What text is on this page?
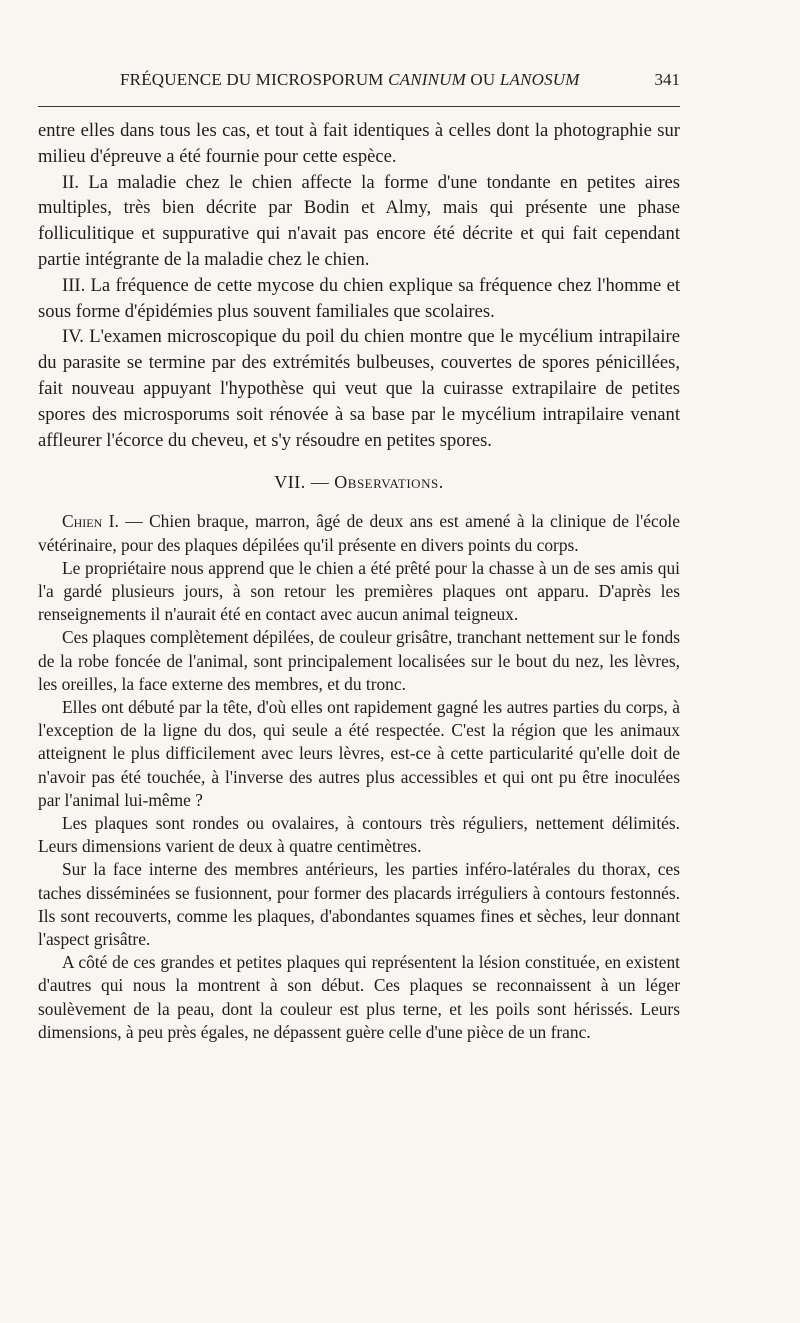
FRÉQUENCE DU MICROSPORUM CANINUM OU LANOSUM	341

entre elles dans tous les cas, et tout à fait identiques à celles dont la photographie sur milieu d'épreuve a été fournie pour cette espèce.

II. La maladie chez le chien affecte la forme d'une tondante en petites aires multiples, très bien décrite par Bodin et Almy, mais qui présente une phase folliculitique et suppurative qui n'avait pas encore été décrite et qui fait cependant partie intégrante de la maladie chez le chien.

III. La fréquence de cette mycose du chien explique sa fréquence chez l'homme et sous forme d'épidémies plus souvent familiales que scolaires.

IV. L'examen microscopique du poil du chien montre que le mycélium intrapilaire du parasite se termine par des extrémités bulbeuses, couvertes de spores pénicillées, fait nouveau appuyant l'hypothèse qui veut que la cuirasse extrapilaire de petites spores des microsporums soit rénovée à sa base par le mycélium intrapilaire venant affleurer l'écorce du cheveu, et s'y résoudre en petites spores.

VII. — Observations.

Chien I. — Chien braque, marron, âgé de deux ans est amené à la clinique de l'école vétérinaire, pour des plaques dépilées qu'il présente en divers points du corps.

Le propriétaire nous apprend que le chien a été prêté pour la chasse à un de ses amis qui l'a gardé plusieurs jours, à son retour les premières plaques ont apparu. D'après les renseignements il n'aurait été en contact avec aucun animal teigneux.

Ces plaques complètement dépilées, de couleur grisâtre, tranchant nettement sur le fonds de la robe foncée de l'animal, sont principalement localisées sur le bout du nez, les lèvres, les oreilles, la face externe des membres, et du tronc.

Elles ont débuté par la tête, d'où elles ont rapidement gagné les autres parties du corps, à l'exception de la ligne du dos, qui seule a été respectée. C'est la région que les animaux atteignent le plus difficilement avec leurs lèvres, est-ce à cette particularité qu'elle doit de n'avoir pas été touchée, à l'inverse des autres plus accessibles et qui ont pu être inoculées par l'animal lui-même ?

Les plaques sont rondes ou ovalaires, à contours très réguliers, nettement délimités. Leurs dimensions varient de deux à quatre centimètres.

Sur la face interne des membres antérieurs, les parties inféro-latérales du thorax, ces taches disséminées se fusionnent, pour former des placards irréguliers à contours festonnés. Ils sont recouverts, comme les plaques, d'abondantes squames fines et sèches, leur donnant l'aspect grisâtre.

A côté de ces grandes et petites plaques qui représentent la lésion constituée, en existent d'autres qui nous la montrent à son début. Ces plaques se reconnaissent à un léger soulèvement de la peau, dont la couleur est plus terne, et les poils sont hérissés. Leurs dimensions, à peu près égales, ne dépassent guère celle d'une pièce de un franc.
